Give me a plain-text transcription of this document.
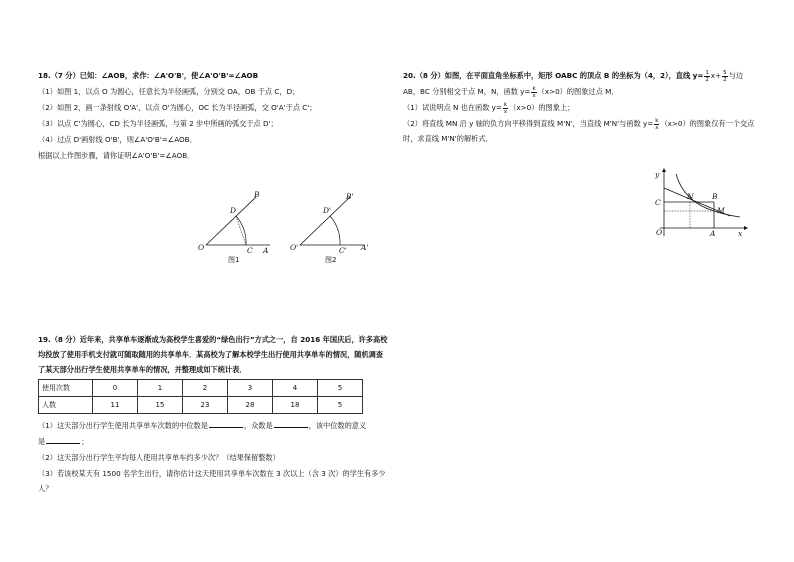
18.（7 分）已知：∠AOB，求作：∠A'O'B'，使∠A'O'B'=∠AOB

（1）如图 1，以点 O 为圆心，任意长为半径画弧，分别交 OA，OB 于点 C，D；

（2）如图 2，画一条射线 O'A'，以点 O'为圆心，OC 长为半径画弧，交 O'A'于点 C'；

（3）以点 C'为圆心，CD 长为半径画弧，与第 2 步中所画的弧交于点 D'；

（4）过点 D'画射线 O'B'，则∠A'O'B'=∠AOB．

根据以上作图步骤，请你证明∠A'O'B'=∠AOB．

B
D
O	C A
图1
B'
D'
O'	C' A'
图2

19.（8 分）近年来，共享单车逐渐成为高校学生喜爱的“绿色出行”方式之一，自 2016 年国庆后，许多高校均投放了使用手机支付就可随取随用的共享单车．某高校为了解本校学生出行使用共享单车的情况，随机调查了某天部分出行学生使用共享单车的情况，并整理成如下统计表．

使用次数	0	1	2	3	4	5
人数	11	15	23	28	18	5

（1）这天部分出行学生使用共享单车次数的中位数是	，众数是	，该中位数的意义

是	；

（2）这天部分出行学生平均每人使用共享单车约多少次？（结果保留整数）

（3）若该校某天有 1500 名学生出行，请你估计这天使用共享单车次数在 3 次以上（含 3 次）的学生有多少人？

20.（8 分）如图，在平面直角坐标系中，矩形 OABC 的顶点 B 的坐标为（4，2），直线 $y= \frac{1}{2} x+ \frac{5}{2}$ 与边

AB，BC 分别相交于点 M，N，函数 $y= \frac{k}{x} (x>0)$的图象过点 M．

（1）试说明点 N 也在函数 $y= \frac{k}{x} (x>0)$的图象上；

（2）将直线 MN 沿 y 轴的负方向平移得到直线 M'N'，当直线 M'N'与函数 $y= \frac{k}{x} (x>0)$的图象仅有一个交点时，求直线 M'N'的解析式．

y
x
O	A
B
C
N
M
